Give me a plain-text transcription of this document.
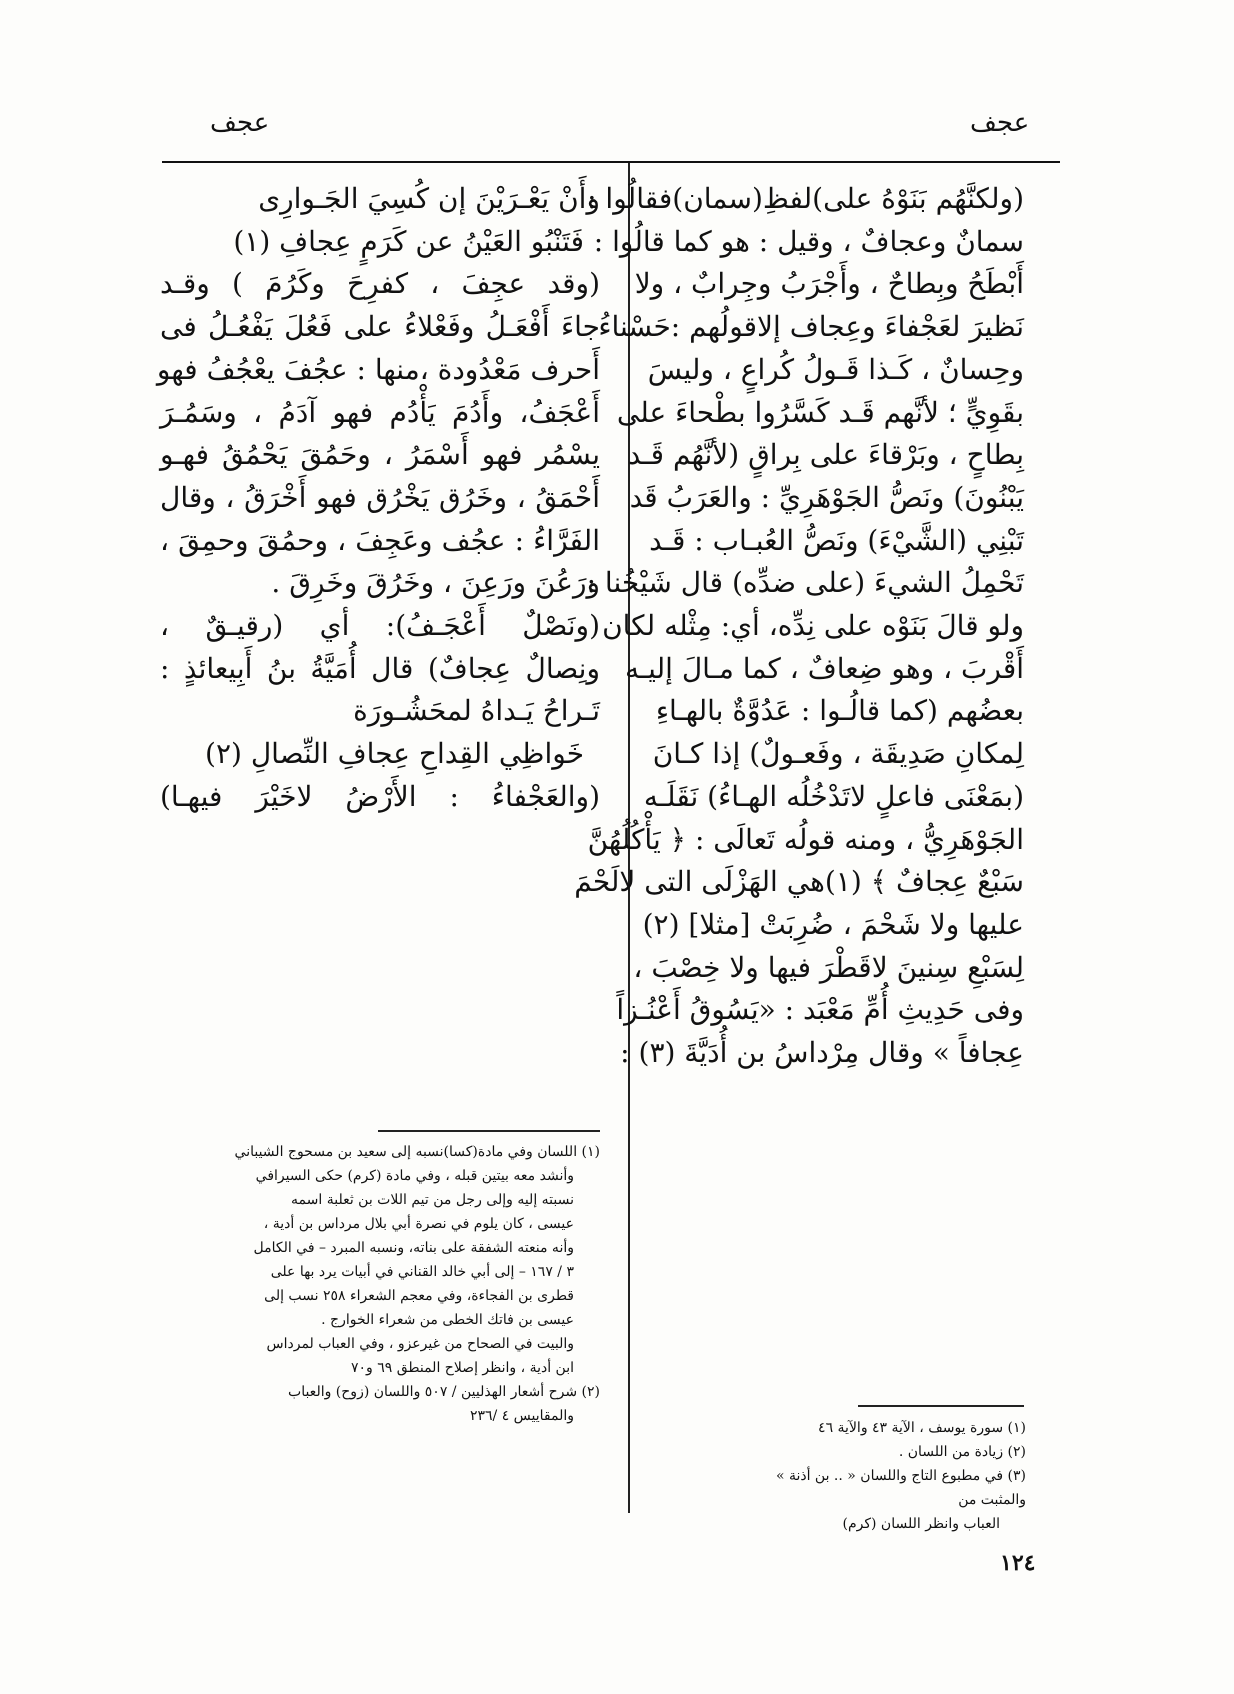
عجف
عجف
(ولكنَّهُم بَنَوْهُ على)لفظِ(سمان)فقالُوا :
سمانٌ وعجافٌ ، وقيل : هو كما قالُوا :
أَبْطَحُ وبِطاحٌ ، وأَجْرَبُ وجِرابٌ ، ولا
نَظيرَ لعَجْفاءَ وعِجاف إلاقولُهم :حَسْناءُ
وحِسانٌ ، كَـذا قَـولُ كُراعٍ ، وليسَ
بقَوِيٍّ ؛ لأنَّهم قَـد كَسَّرُوا بطْحاءَ على
بِطاحٍ ، وبَرْقاءَ على بِراقٍ (لأنَّهُم قَـد
يَبْنُونَ) ونَصُّ الجَوْهَرِيِّ : والعَرَبُ قَد
تَبْنِي (الشَّيْءَ) ونَصُّ العُبـاب : قَـد
تَحْمِلُ الشيءَ (على ضدِّه) قال شَيْخُنا :
ولو قالَ بَنَوْه على نِدِّه، أي: مِثْله لكان
أَقْربَ ، وهو ضِعافٌ ، كما مـالَ إليـه
بعضُهم (كما قالُـوا : عَدُوَّةٌ بالهـاءِ
لِمكانِ صَدِيقَة ، وفَعـولٌ) إذا كـانَ
(بمَعْنَى فاعلٍ لاتَدْخُلُه الهـاءُ) نَقَلَـه
الجَوْهَرِيُّ ، ومنه قولُه تَعالَى : ﴿ يَأْكُلُهُنَّ
سَبْعٌ عِجافٌ ﴾ (١)هي الهَزْلَى التى لالَحْمَ
عليها ولا شَحْمَ ، ضُرِبَتْ [مثلا] (٢)
لِسَبْعِ سِنينَ لاقَطْرَ فيها ولا خِصْبَ ،
وفى حَدِيثِ أُمِّ مَعْبَد : «يَسُوقُ أَعْنُـزاً
عِجافاً » وقال مِرْداسُ بن أُدَيَّةَ (٣) :
وأَنْ يَعْـرَيْنَ إن كُسِيَ الجَـوارِى
فَتَنْبُو العَيْنُ عن كَرَمٍ عِجافِ (١)
(وقد عجِفَ ، كفرِحَ وكَرُمَ ) وقـد
جاءَ أَفْعَـلُ وفَعْلاءُ على فَعُلَ يَفْعُـلُ فى
أَحرف مَعْدُودة ،منها : عجُفَ يعْجُفُ فهو
أَعْجَفُ، وأَدُمَ يَأْدُم فهو آدَمُ ، وسَمُـرَ
يسْمُر فهو أَسْمَرُ ، وحَمُقَ يَحْمُقُ فهـو
أَحْمَقُ ، وخَرُق يَخْرُق فهو أَخْرَقُ ، وقال
الفَرَّاءُ : عجُف وعَجِفَ ، وحمُقَ وحمِقَ ،
ورَعُنَ ورَعِنَ ، وخَرُقَ وخَرِقَ .
(ونَصْلٌ أَعْجَـفُ): أي (رقيـقٌ ،
ونِصالٌ عِجافٌ) قال أُمَيَّةُ بنُ أَبِيعائذٍ :
تَـراحُ يَـداهُ لمحَشُـورَة
خَواظِي القِداحِ عِجافِ النِّصالِ (٢)
(والعَجْفاءُ : الأَرْضُ لاخَيْرَ فيهـا)

(١) اللسان وفي مادة(كسا)نسبه إلى سعيد بن مسحوج الشيباني

وأنشد معه بيتين قبله ، وفي مادة (كرم) حكى السيرافي

نسبته إليه وإلى رجل من تيم اللات بن ثعلبة اسمه

عيسى ، كان يلوم في نصرة أبي بلال مرداس بن أدية ،

وأنه منعته الشفقة على بناته، ونسبه المبرد – في الكامل

٣ / ١٦٧ – إلى أبي خالد القناني في أبيات يرد بها على

قطرى بن الفجاءة، وفي معجم الشعراء ٢٥٨ نسب إلى

عيسى بن فاتك الخطى من شعراء الخوارج .

والبيت في الصحاح من غيرعزو ، وفي العباب لمرداس

ابن أدية ، وانظر إصلاح المنطق ٦٩ و٧٠

(٢) شرح أشعار الهذليين / ٥٠٧ واللسان (زوح) والعباب

والمقاييس ٤ /٢٣٦

(١) سورة يوسف ، الآية ٤٣ والآية ٤٦

(٢) زيادة من اللسان .

(٣) في مطبوع التاج واللسان « .. بن أذنة » والمثبت من

العباب وانظر اللسان (كرم)

١٢٤
